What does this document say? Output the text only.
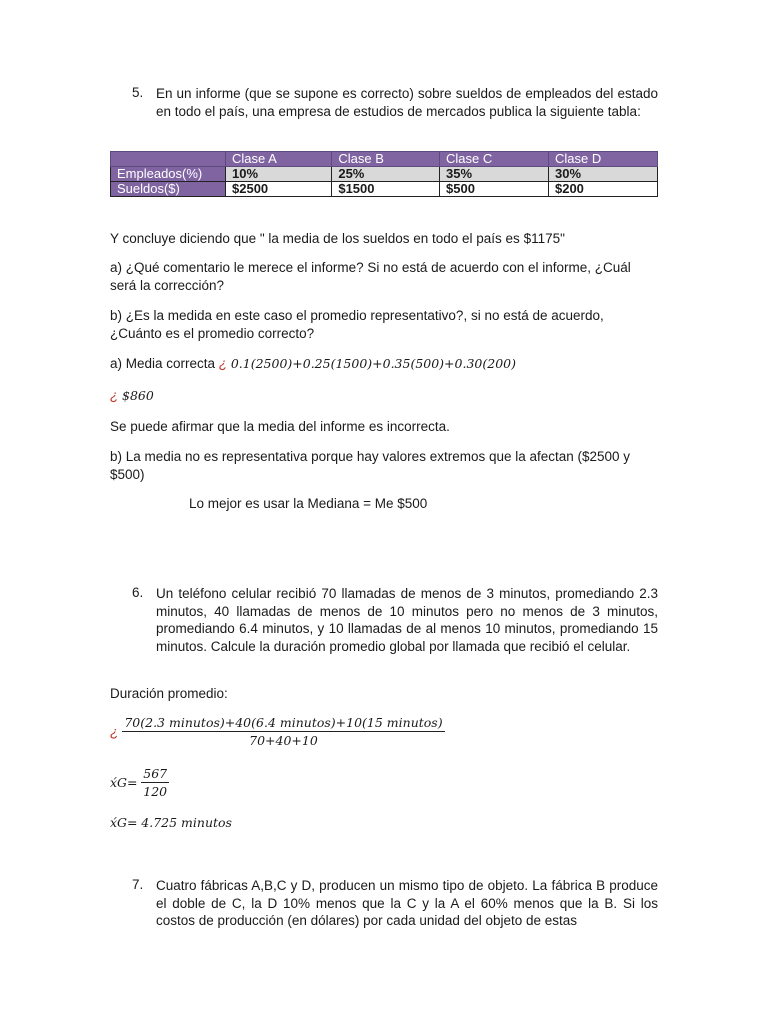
5. En un informe (que se supone es correcto) sobre sueldos de empleados del estado en todo el país, una empresa de estudios de mercados publica la siguiente tabla:
	Clase A	Clase B	Clase C	Clase D
Empleados(%)	10%	25%	35%	30%
Sueldos($)	$2500	$1500	$500	$200
Y concluye diciendo que " la media de los sueldos en todo el país es $1175"
a) ¿Qué comentario le merece el informe? Si no está de acuerdo con el informe, ¿Cuál será la corrección?
b) ¿Es la medida en este caso el promedio representativo?, si no está de acuerdo, ¿Cuánto es el promedio correcto?
a) Media correcta ¿ 0.1(2500)+0.25(1500)+0.35(500)+0.30(200)
¿ $860
Se puede afirmar que la media del informe es incorrecta.
b) La media no es representativa porque hay valores extremos que la afectan ($2500 y $500)
Lo mejor es usar la Mediana = Me $500
6. Un teléfono celular recibió 70 llamadas de menos de 3 minutos, promediando 2.3 minutos, 40 llamadas de menos de 10 minutos pero no menos de 3 minutos, promediando 6.4 minutos, y 10 llamadas de al menos 10 minutos, promediando 15 minutos. Calcule la duración promedio global por llamada que recibió el celular.
Duración promedio:
¿ $\frac{\text{70(2.3 minutos)+40(6.4 minutos)+10(15 minutos)}}{70+40+10}$
x́G= $\frac{567}{120}$
x́G= 4.725 minutos
7. Cuatro fábricas A,B,C y D, producen un mismo tipo de objeto. La fábrica B produce el doble de C, la D 10% menos que la C y la A el 60% menos que la B. Si los costos de producción (en dólares) por cada unidad del objeto de estas
